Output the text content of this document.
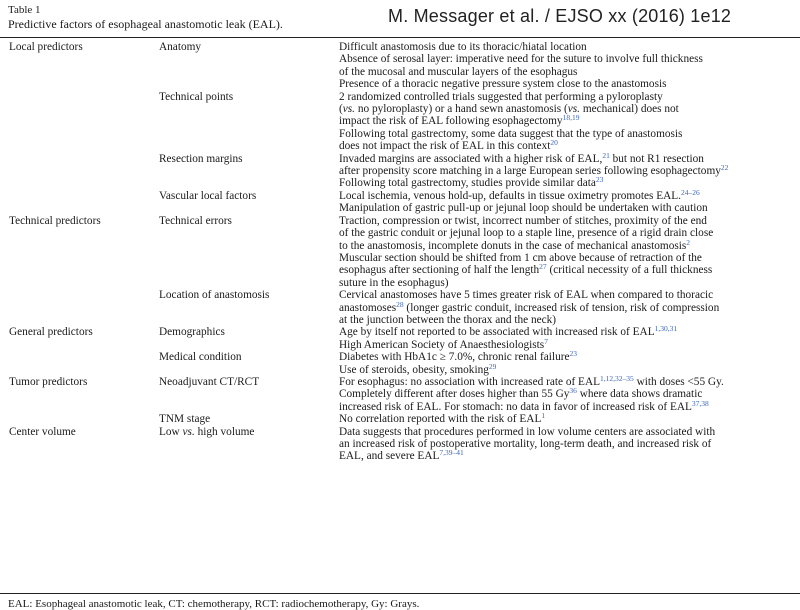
Table 1
Predictive factors of esophageal anastomotic leak (EAL).	M. Messager et al. / EJSO xx (2016) 1e12
Local predictors	Anatomy	Difficult anastomosis due to its thoracic/hiatal location
Absence of serosal layer: imperative need for the suture to involve full thickness
of the mucosal and muscular layers of the esophagus
Presence of a thoracic negative pressure system close to the anastomosis
Technical points	2 randomized controlled trials suggested that performing a pyloroplasty
(vs. no pyloroplasty) or a hand sewn anastomosis (vs. mechanical) does not
impact the risk of EAL following esophagectomy$^{18,19}$
Following total gastrectomy, some data suggest that the type of anastomosis
does not impact the risk of EAL in this context$^{20}$
Resection margins	Invaded margins are associated with a higher risk of EAL,$^{21}$ but not R1 resection
after propensity score matching in a large European series following esophagectomy$^{22}$
Following total gastrectomy, studies provide similar data$^{23}$
Vascular local factors	Local ischemia, venous hold-up, defaults in tissue oximetry promotes EAL.$^{24-26}$
Manipulation of gastric pull-up or jejunal loop should be undertaken with caution
Technical predictors	Technical errors	Traction, compression or twist, incorrect number of stitches, proximity of the end
of the gastric conduit or jejunal loop to a staple line, presence of a rigid drain close
to the anastomosis, incomplete donuts in the case of mechanical anastomosis$^2$
Muscular section should be shifted from 1 cm above because of retraction of the
esophagus after sectioning of half the length$^{27}$ (critical necessity of a full thickness
suture in the esophagus)
Location of anastomosis	Cervical anastomoses have 5 times greater risk of EAL when compared to thoracic
anastomoses$^{28}$ (longer gastric conduit, increased risk of tension, risk of compression
at the junction between the thorax and the neck)
General predictors	Demographics	Age by itself not reported to be associated with increased risk of EAL$^{1,30,31}$
High American Society of Anaesthesiologists$^7$
Medical condition	Diabetes with HbA1c ≥ 7.0%, chronic renal failure$^{23}$
Use of steroids, obesity, smoking$^{29}$
Tumor predictors	Neoadjuvant CT/RCT	For esophagus: no association with increased rate of EAL$^{1,12,32-35}$ with doses <55 Gy.
Completely different after doses higher than 55 Gy$^{36}$ where data shows dramatic
increased risk of EAL. For stomach: no data in favor of increased risk of EAL$^{37,38}$
TNM stage	No correlation reported with the risk of EAL$^1$
Center volume	Low vs. high volume	Data suggests that procedures performed in low volume centers are associated with
an increased risk of postoperative mortality, long-term death, and increased risk of
EAL, and severe EAL$^{7,39-41}$
EAL: Esophageal anastomotic leak, CT: chemotherapy, RCT: radiochemotherapy, Gy: Grays.
